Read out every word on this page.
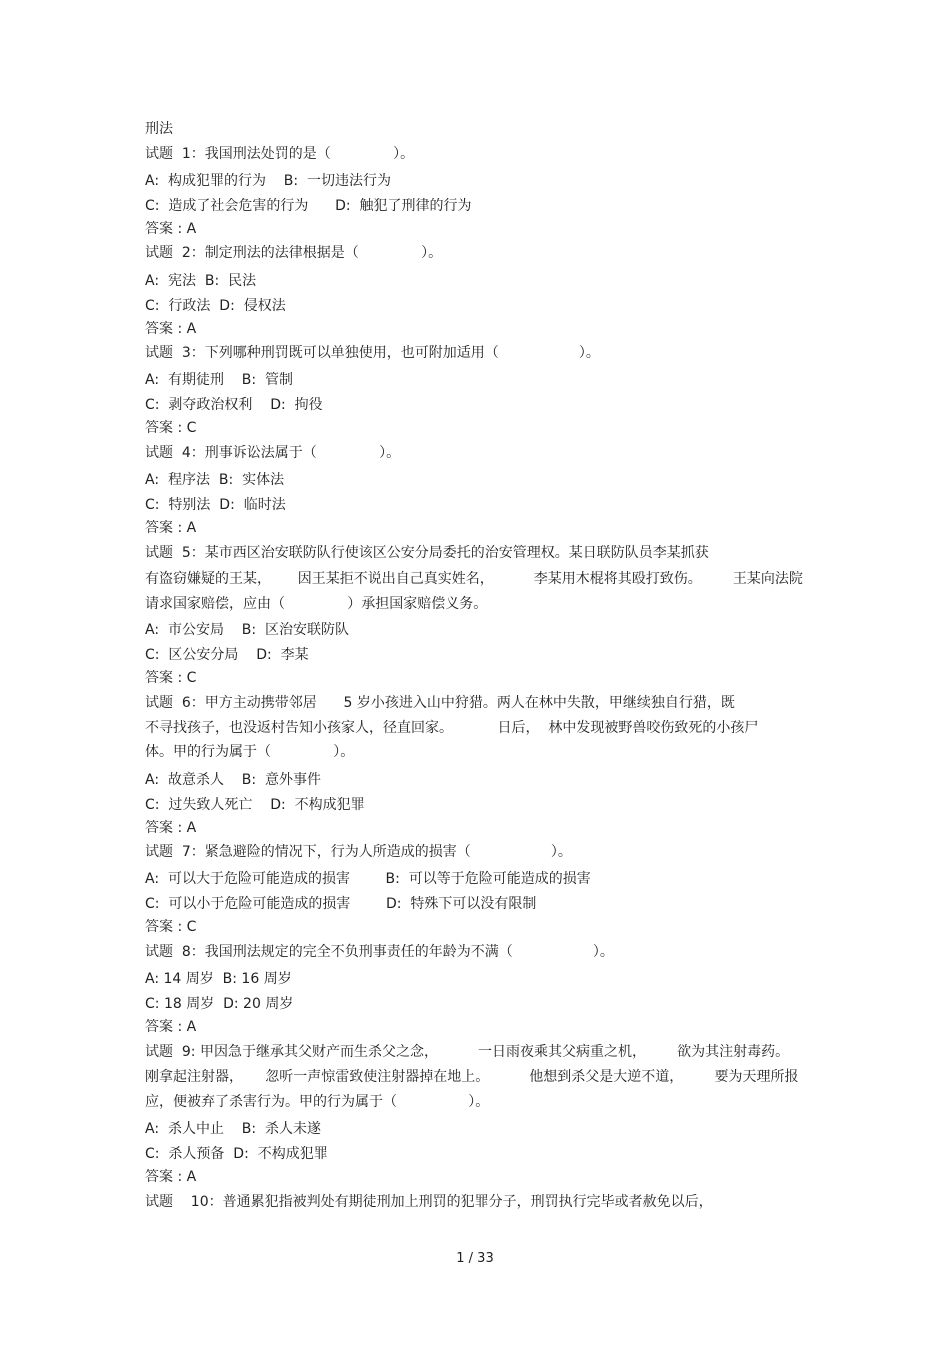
刑法
试题  1：我国刑法处罚的是（              ）。
A:  构成犯罪的行为    B:  一切违法行为
C:  造成了社会危害的行为      D:  触犯了刑律的行为
答案 : A
试题  2：制定刑法的法律根据是（              ）。
A:  宪法  B:  民法
C:  行政法  D:  侵权法
答案 : A
试题  3：下列哪种刑罚既可以单独使用，也可附加适用（                  ）。
A:  有期徒刑    B:  管制
C:  剥夺政治权利    D:  拘役
答案 : C
试题  4：刑事诉讼法属于（              ）。
A:  程序法  B:  实体法
C:  特别法  D:  临时法
答案 : A
试题  5：某市西区治安联防队行使该区公安分局委托的治安管理权。某日联防队员李某抓获
有盗窃嫌疑的王某，      因王某拒不说出自己真实姓名，         李某用木棍将其殴打致伤。       王某向法院
请求国家赔偿，应由（              ）承担国家赔偿义务。
A:  市公安局    B:  区治安联防队
C:  区公安分局    D:  李某
答案 : C
试题  6：甲方主动携带邻居      5 岁小孩进入山中狩猎。两人在林中失散，甲继续独自行猎，既
不寻找孩子，也没返村告知小孩家人，径直回家。          日后，  林中发现被野兽咬伤致死的小孩尸
体。甲的行为属于（              ）。
A:  故意杀人    B:  意外事件
C:  过失致人死亡    D:  不构成犯罪
答案 : A
试题  7：紧急避险的情况下，行为人所造成的损害（                  ）。
A:  可以大于危险可能造成的损害        B:  可以等于危险可能造成的损害
C:  可以小于危险可能造成的损害        D:  特殊下可以没有限制
答案 : C
试题  8：我国刑法规定的完全不负刑事责任的年龄为不满（                  ）。
A: 14 周岁  B: 16 周岁
C: 18 周岁  D: 20 周岁
答案 : A
试题  9: 甲因急于继承其父财产而生杀父之念，         一日雨夜乘其父病重之机，       欲为其注射毒药。
刚拿起注射器，     忽听一声惊雷致使注射器掉在地上。         他想到杀父是大逆不道，       要为天理所报
应，便被弃了杀害行为。甲的行为属于（                ）。
A:  杀人中止    B:  杀人未遂
C:  杀人预备  D:  不构成犯罪
答案 : A
试题    10：普通累犯指被判处有期徒刑加上刑罚的犯罪分子，刑罚执行完毕或者赦免以后，
1 / 33
